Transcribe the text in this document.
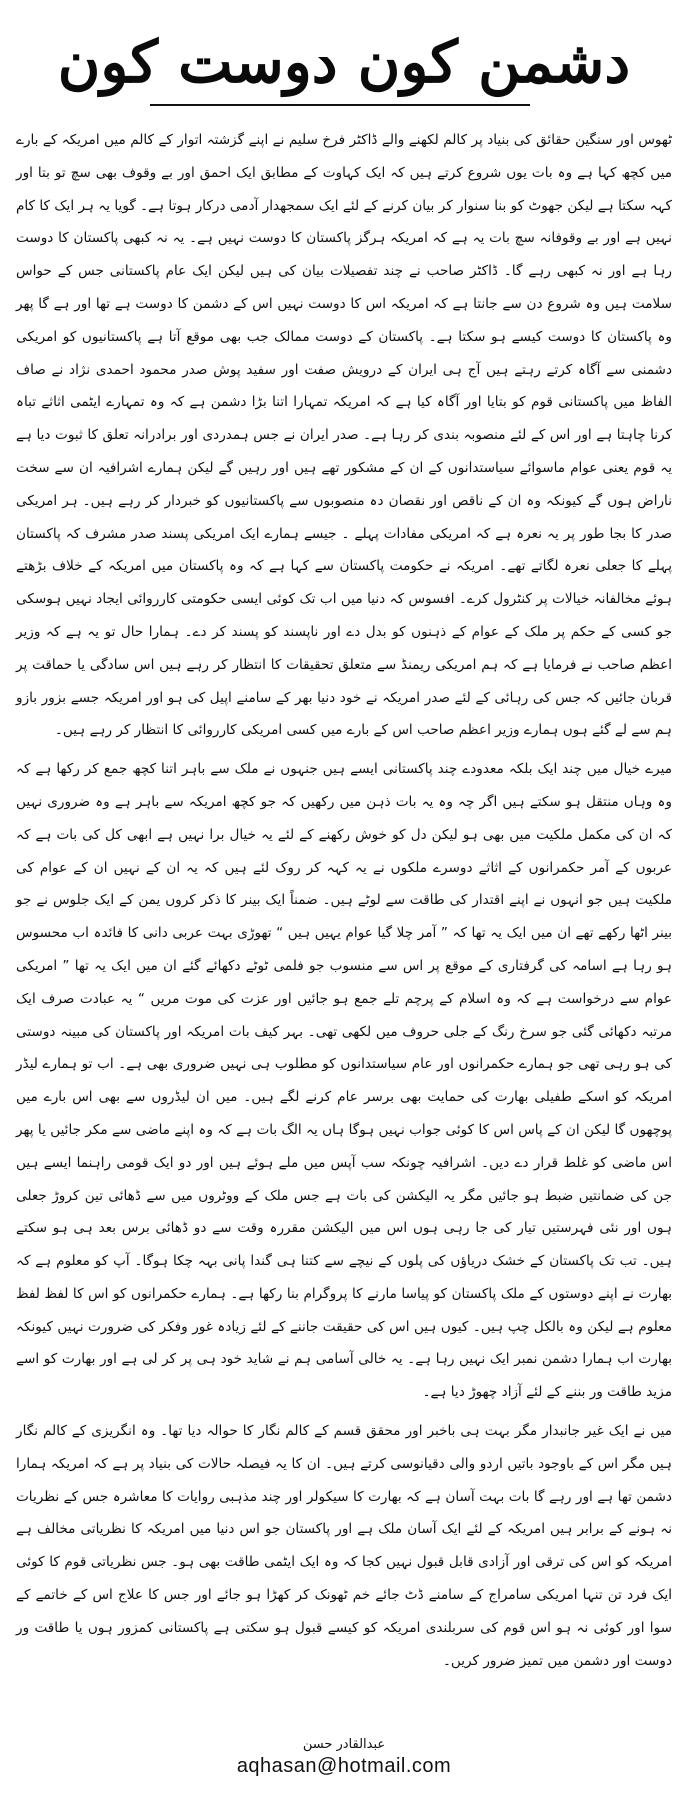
دشمن کون دوست کون

ٹھوس اور سنگین حقائق کی بنیاد پر کالم لکھنے والے ڈاکٹر فرخ سلیم نے اپنے گزشتہ اتوار کے کالم میں امریکہ کے بارے میں کچھ کہا ہے وہ بات یوں شروع کرتے ہیں کہ ایک کہاوت کے مطابق ایک احمق اور بے وقوف بھی سچ تو بتا اور کہہ سکتا ہے لیکن جھوٹ کو بنا سنوار کر بیان کرنے کے لئے ایک سمجھدار آدمی درکار ہوتا ہے۔ گویا یہ ہر ایک کا کام نہیں ہے اور بے وقوفانہ سچ بات یہ ہے کہ امریکہ ہرگز پاکستان کا دوست نہیں ہے۔ یہ نہ کبھی پاکستان کا دوست رہا ہے اور نہ کبھی رہے گا۔ ڈاکٹر صاحب نے چند تفصیلات بیان کی ہیں لیکن ایک عام پاکستانی جس کے حواس سلامت ہیں وہ شروع دن سے جانتا ہے کہ امریکہ اس کا دوست نہیں اس کے دشمن کا دوست ہے تھا اور ہے گا پھر وہ پاکستان کا دوست کیسے ہو سکتا ہے۔ پاکستان کے دوست ممالک جب بھی موقع آتا ہے پاکستانیوں کو امریکی دشمنی سے آگاہ کرتے رہتے ہیں آج ہی ایران کے درویش صفت اور سفید پوش صدر محمود احمدی نژاد نے صاف الفاظ میں پاکستانی قوم کو بتایا اور آگاہ کیا ہے کہ امریکہ تمہارا اتنا بڑا دشمن ہے کہ وہ تمہارے ایٹمی اثاثے تباہ کرنا چاہتا ہے اور اس کے لئے منصوبہ بندی کر رہا ہے۔ صدر ایران نے جس ہمدردی اور برادرانہ تعلق کا ثبوت دیا ہے یہ قوم یعنی عوام ماسوائے سیاستدانوں کے ان کے مشکور تھے ہیں اور رہیں گے لیکن ہمارے اشرافیہ ان سے سخت ناراض ہوں گے کیونکہ وہ ان کے ناقص اور نقصان دہ منصوبوں سے پاکستانیوں کو خبردار کر رہے ہیں۔ ہر امریکی صدر کا بجا طور پر یہ نعرہ ہے کہ امریکی مفادات پہلے ۔ جیسے ہمارے ایک امریکی پسند صدر مشرف کہ پاکستان پہلے کا جعلی نعرہ لگاتے تھے۔ امریکہ نے حکومت پاکستان سے کہا ہے کہ وہ پاکستان میں امریکہ کے خلاف بڑھتے ہوئے مخالفانہ خیالات پر کنٹرول کرے۔ افسوس کہ دنیا میں اب تک کوئی ایسی حکومتی کارروائی ایجاد نہیں ہوسکی جو کسی کے حکم پر ملک کے عوام کے ذہنوں کو بدل دے اور ناپسند کو پسند کر دے۔ ہمارا حال تو یہ ہے کہ وزیر اعظم صاحب نے فرمایا ہے کہ ہم امریکی ریمنڈ سے متعلق تحقیقات کا انتظار کر رہے ہیں اس سادگی یا حماقت پر قربان جائیں کہ جس کی رہائی کے لئے صدر امریکہ نے خود دنیا بھر کے سامنے اپیل کی ہو اور امریکہ جسے بزور بازو ہم سے لے گئے ہوں ہمارے وزیر اعظم صاحب اس کے بارے میں کسی امریکی کارروائی کا انتظار کر رہے ہیں۔

میرے خیال میں چند ایک بلکہ معدودے چند پاکستانی ایسے ہیں جنہوں نے ملک سے باہر اتنا کچھ جمع کر رکھا ہے کہ وہ وہاں منتقل ہو سکتے ہیں اگر چہ وہ یہ بات ذہن میں رکھیں کہ جو کچھ امریکہ سے باہر ہے وہ ضروری نہیں کہ ان کی مکمل ملکیت میں بھی ہو لیکن دل کو خوش رکھنے کے لئے یہ خیال برا نہیں ہے ابھی کل کی بات ہے کہ عربوں کے آمر حکمرانوں کے اثاثے دوسرے ملکوں نے یہ کہہ کر روک لئے ہیں کہ یہ ان کے نہیں ان کے عوام کی ملکیت ہیں جو انہوں نے اپنے اقتدار کی طاقت سے لوٹے ہیں۔ ضمناً ایک بینر کا ذکر کروں یمن کے ایک جلوس نے جو بینر اٹھا رکھے تھے ان میں ایک یہ تھا کہ ” آمر چلا گیا عوام یہیں ہیں “ تھوڑی بہت عربی دانی کا فائدہ اب محسوس ہو رہا ہے اسامہ کی گرفتاری کے موقع پر اس سے منسوب جو فلمی ٹوٹے دکھائے گئے ان میں ایک یہ تھا ” امریکی عوام سے درخواست ہے کہ وہ اسلام کے پرچم تلے جمع ہو جائیں اور عزت کی موت مریں “ یہ عبادت صرف ایک مرتبہ دکھائی گئی جو سرخ رنگ کے جلی حروف میں لکھی تھی۔ بہر کیف بات امریکہ اور پاکستان کی مبینہ دوستی کی ہو رہی تھی جو ہمارے حکمرانوں اور عام سیاستدانوں کو مطلوب ہی نہیں ضروری بھی ہے۔ اب تو ہمارے لیڈر امریکہ کو اسکے طفیلی بھارت کی حمایت بھی برسر عام کرنے لگے ہیں۔ میں ان لیڈروں سے بھی اس بارے میں پوچھوں گا لیکن ان کے پاس اس کا کوئی جواب نہیں ہوگا ہاں یہ الگ بات ہے کہ وہ اپنے ماضی سے مکر جائیں یا پھر اس ماضی کو غلط قرار دے دیں۔ اشرافیہ چونکہ سب آپس میں ملے ہوئے ہیں اور دو ایک قومی راہنما ایسے ہیں جن کی ضمانتیں ضبط ہو جائیں مگر یہ الیکشن کی بات ہے جس ملک کے ووٹروں میں سے ڈھائی تین کروڑ جعلی ہوں اور نئی فہرستیں تیار کی جا رہی ہوں اس میں الیکشن مقررہ وقت سے دو ڈھائی برس بعد ہی ہو سکتے ہیں۔ تب تک پاکستان کے خشک دریاؤں کی پلوں کے نیچے سے کتنا ہی گندا پانی بہہ چکا ہوگا۔ آپ کو معلوم ہے کہ بھارت نے اپنے دوستوں کے ملک پاکستان کو پیاسا مارنے کا پروگرام بنا رکھا ہے۔ ہمارے حکمرانوں کو اس کا لفظ لفظ معلوم ہے لیکن وہ بالکل چپ ہیں۔ کیوں ہیں اس کی حقیقت جاننے کے لئے زیادہ غور وفکر کی ضرورت نہیں کیونکہ بھارت اب ہمارا دشمن نمبر ایک نہیں رہا ہے۔ یہ خالی آسامی ہم نے شاید خود ہی پر کر لی ہے اور بھارت کو اسے مزید طاقت ور بننے کے لئے آزاد چھوڑ دیا ہے۔

میں نے ایک غیر جانبدار مگر بہت ہی باخبر اور محقق قسم کے کالم نگار کا حوالہ دیا تھا۔ وہ انگریزی کے کالم نگار ہیں مگر اس کے باوجود باتیں اردو والی دقیانوسی کرتے ہیں۔ ان کا یہ فیصلہ حالات کی بنیاد پر ہے کہ امریکہ ہمارا دشمن تھا ہے اور رہے گا بات بہت آسان ہے کہ بھارت کا سیکولر اور چند مذہبی روایات کا معاشرہ جس کے نظریات نہ ہونے کے برابر ہیں امریکہ کے لئے ایک آسان ملک ہے اور پاکستان جو اس دنیا میں امریکہ کا نظریاتی مخالف ہے امریکہ کو اس کی ترقی اور آزادی قابل قبول نہیں کجا کہ وہ ایک ایٹمی طاقت بھی ہو۔ جس نظریاتی قوم کا کوئی ایک فرد تن تنہا امریکی سامراج کے سامنے ڈٹ جائے خم ٹھونک کر کھڑا ہو جائے اور جس کا علاج اس کے خاتمے کے سوا اور کوئی نہ ہو اس قوم کی سربلندی امریکہ کو کیسے قبول ہو سکتی ہے پاکستانی کمزور ہوں یا طاقت ور دوست اور دشمن میں تمیز ضرور کریں۔

عبدالقادر حسن
aqhasan@hotmail.com
